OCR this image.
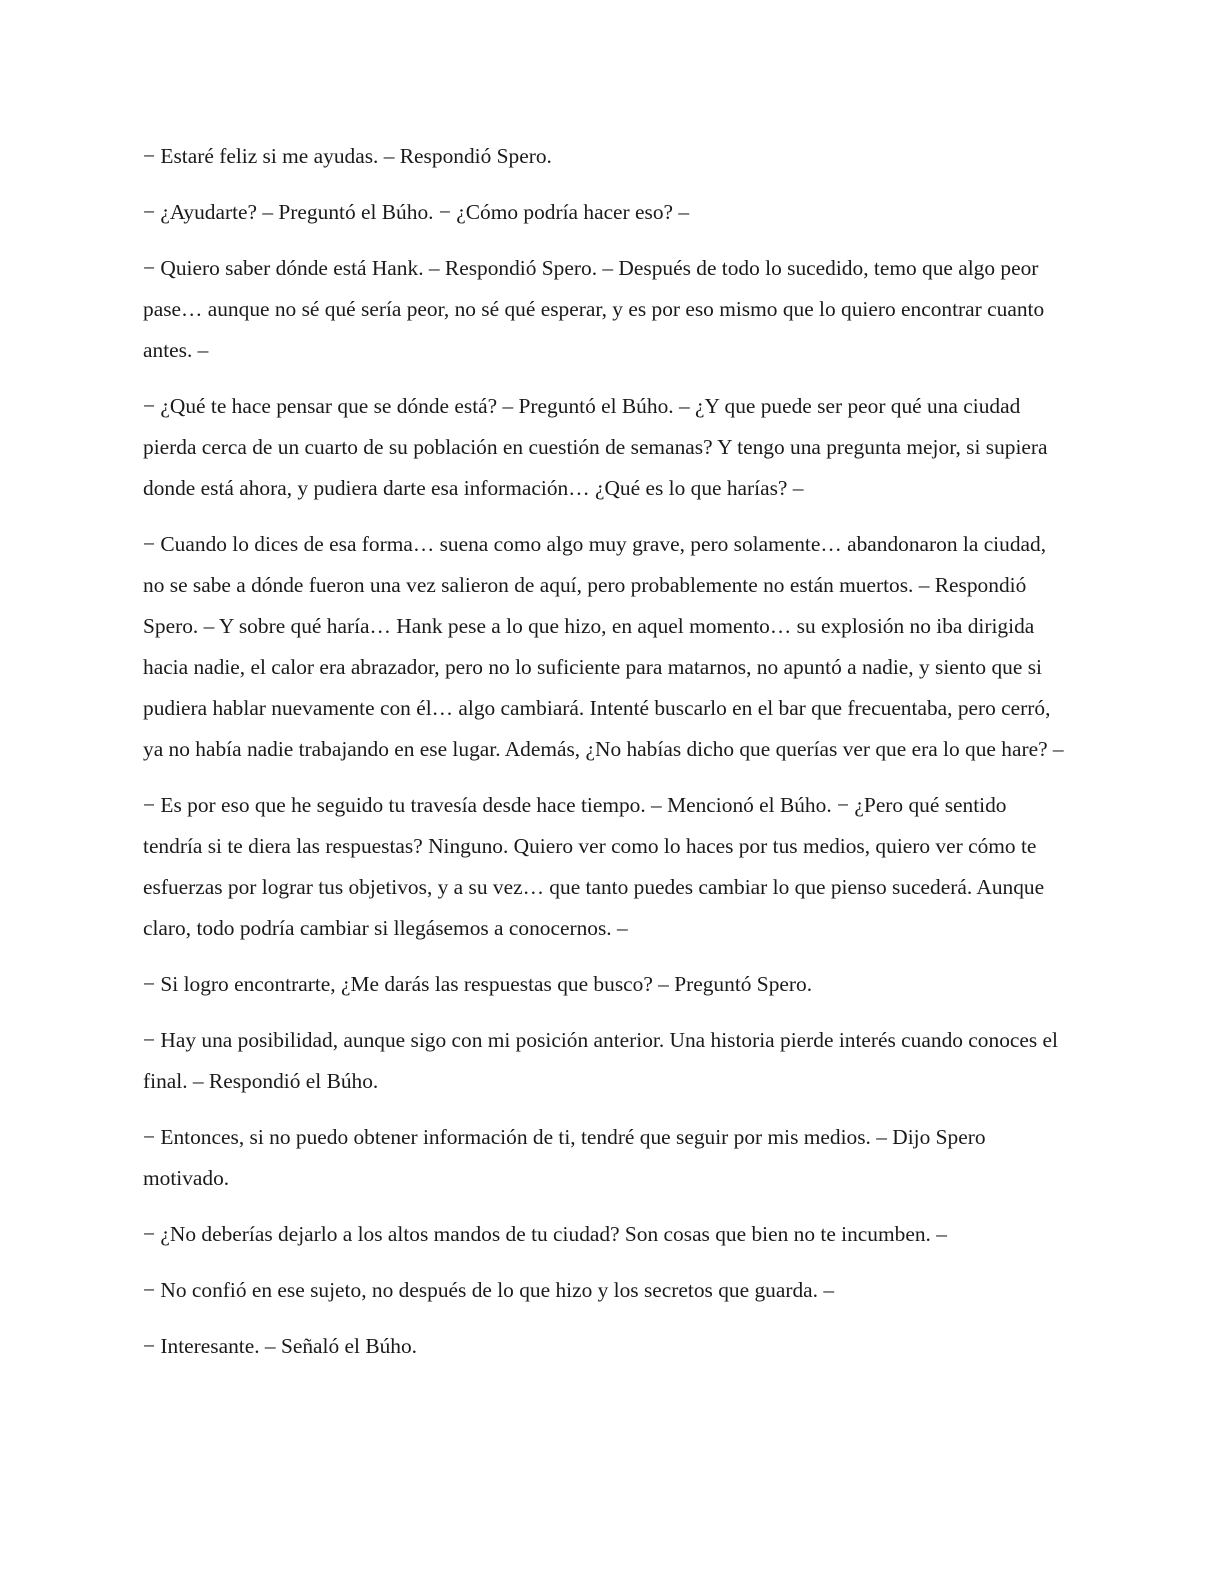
− Estaré feliz si me ayudas. – Respondió Spero.

− ¿Ayudarte? – Preguntó el Búho. − ¿Cómo podría hacer eso? –

− Quiero saber dónde está Hank. – Respondió Spero. – Después de todo lo sucedido, temo que algo peor pase… aunque no sé qué sería peor, no sé qué esperar, y es por eso mismo que lo quiero encontrar cuanto antes. –

− ¿Qué te hace pensar que se dónde está? – Preguntó el Búho. – ¿Y que puede ser peor qué una ciudad pierda cerca de un cuarto de su población en cuestión de semanas? Y tengo una pregunta mejor, si supiera donde está ahora, y pudiera darte esa información… ¿Qué es lo que harías? –

− Cuando lo dices de esa forma… suena como algo muy grave, pero solamente… abandonaron la ciudad, no se sabe a dónde fueron una vez salieron de aquí, pero probablemente no están muertos. – Respondió Spero. – Y sobre qué haría… Hank pese a lo que hizo, en aquel momento… su explosión no iba dirigida hacia nadie, el calor era abrazador, pero no lo suficiente para matarnos, no apuntó a nadie, y siento que si pudiera hablar nuevamente con él… algo cambiará. Intenté buscarlo en el bar que frecuentaba, pero cerró, ya no había nadie trabajando en ese lugar. Además, ¿No habías dicho que querías ver que era lo que hare? –

− Es por eso que he seguido tu travesía desde hace tiempo. – Mencionó el Búho. − ¿Pero qué sentido tendría si te diera las respuestas? Ninguno. Quiero ver como lo haces por tus medios, quiero ver cómo te esfuerzas por lograr tus objetivos, y a su vez… que tanto puedes cambiar lo que pienso sucederá. Aunque claro, todo podría cambiar si llegásemos a conocernos. –

− Si logro encontrarte, ¿Me darás las respuestas que busco? – Preguntó Spero.

− Hay una posibilidad, aunque sigo con mi posición anterior. Una historia pierde interés cuando conoces el final. – Respondió el Búho.

− Entonces, si no puedo obtener información de ti, tendré que seguir por mis medios. – Dijo Spero motivado.

− ¿No deberías dejarlo a los altos mandos de tu ciudad? Son cosas que bien no te incumben. –

− No confió en ese sujeto, no después de lo que hizo y los secretos que guarda. –

− Interesante. – Señaló el Búho.
